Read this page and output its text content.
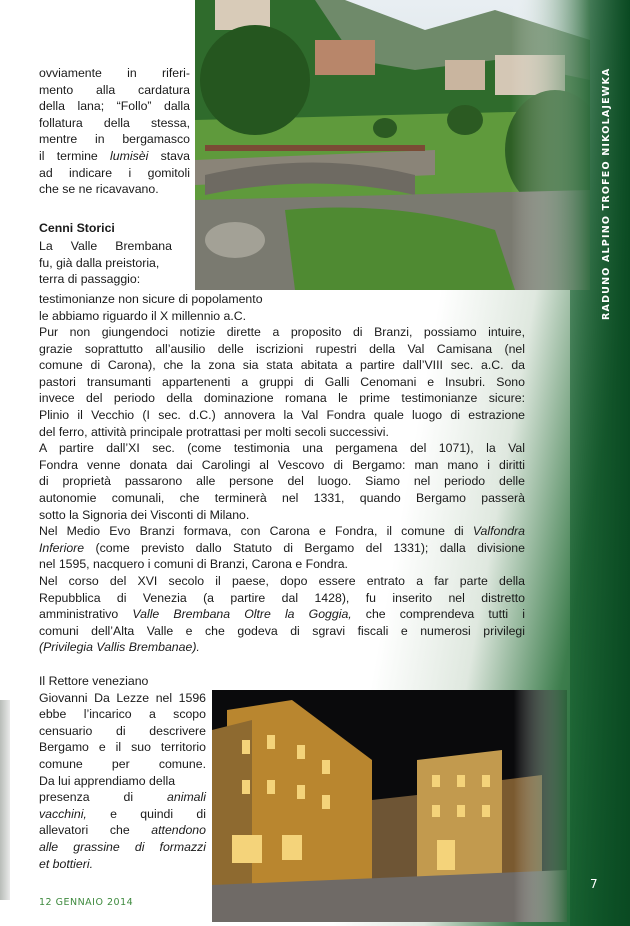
RADUNO ALPINO TROFEO NIKOLAJEWKA
ovviamente in riferi-
mento alla cardatura
della lana; “Follo” dalla
follatura della stessa,
mentre in bergamasco
il termine lumisèi stava
ad indicare i gomitoli
che se ne ricavavano.
Cenni Storici
La Valle Brembana
fu, già dalla preistoria,
terra di passaggio:
testimonianze non sicure di popolamento
le abbiamo riguardo il X millennio a.C.
Pur non giungendoci notizie dirette a proposito di Branzi, possiamo intuire,
grazie soprattutto all’ausilio delle iscrizioni rupestri della Val Camisana (nel
comune di Carona), che la zona sia stata abitata a partire dall’VIII sec. a.C. da
pastori transumanti appartenenti a gruppi di Galli Cenomani e Insubri. Sono
invece del periodo della dominazione romana le prime testimonianze sicure:
Plinio il Vecchio (I sec. d.C.) annovera la Val Fondra quale luogo di estrazione
del ferro, attività principale protrattasi per molti secoli successivi.
A partire dall’XI sec. (come testimonia una pergamena del 1071), la Val
Fondra venne donata dai Carolingi al Vescovo di Bergamo: man mano i diritti
di proprietà passarono alle persone del luogo. Siamo nel periodo delle
autonomie comunali, che terminerà nel 1331, quando Bergamo passerà
sotto la Signoria dei Visconti di Milano.
Nel Medio Evo Branzi formava, con Carona e Fondra, il comune di Valfondra
Inferiore (come previsto dallo Statuto di Bergamo del 1331); dalla divisione
nel 1595, nacquero i comuni di Branzi, Carona e Fondra.
Nel corso del XVI secolo il paese, dopo essere entrato a far parte della
Repubblica di Venezia (a partire dal 1428), fu inserito nel distretto
amministrativo Valle Brembana Oltre la Goggia, che comprendeva tutti i
comuni dell’Alta Valle e che godeva di sgravi fiscali e numerosi privilegi
(Privilegia Vallis Brembanae).
Il Rettore veneziano
Giovanni Da Lezze nel 1596
ebbe l’incarico a scopo
censuario di descrivere
Bergamo e il suo territorio
comune per comune.
Da lui apprendiamo della
presenza di animali
vacchini, e quindi di
allevatori che attendono
alle grassine di formazzi
et bottieri.
12 GENNAIO 2014
7
